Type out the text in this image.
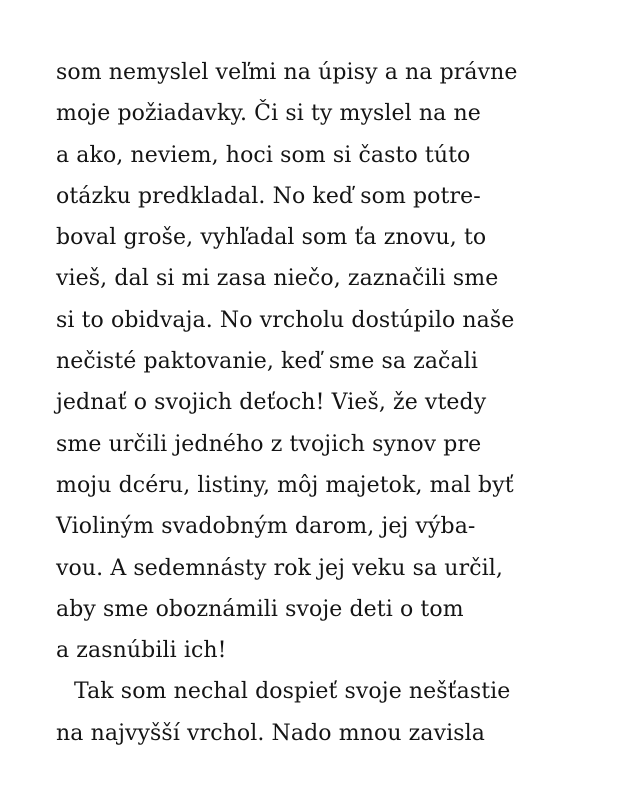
som nemyslel veľmi na úpisy a na právne
moje požiadavky. Či si ty myslel na ne
a ako, neviem, hoci som si často túto
otázku predkladal. No keď som potre-
boval groše, vyhľadal som ťa znovu, to
vieš, dal si mi zasa niečo, zaznačili sme
si to obidvaja. No vrcholu dostúpilo naše
nečisté paktovanie, keď sme sa začali
jednať o svojich deťoch! Vieš, že vtedy
sme určili jedného z tvojich synov pre
moju dcéru, listiny, môj majetok, mal byť
Violiným svadobným darom, jej výba-
vou. A sedemnásty rok jej veku sa určil,
aby sme oboznámili svoje deti o tom
a zasnúbili ich!
Tak som nechal dospieť svoje nešťastie
na najvyšší vrchol. Nado mnou zavisla
